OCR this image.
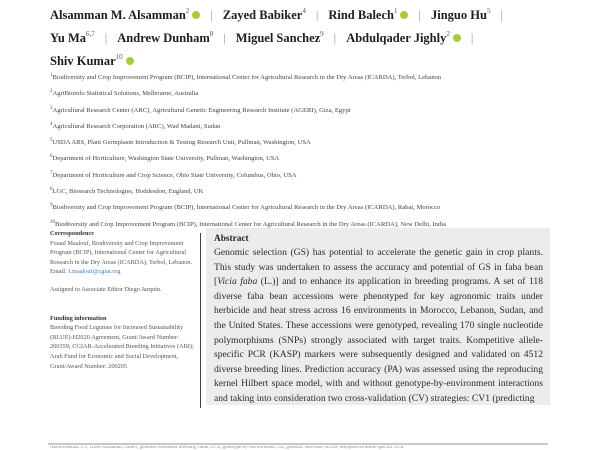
Alsamman M. Alsamman$^2$ | Zayed Babiker$^4$ | Rind Balech$^1$ | Jinguo Hu$^5$ |
Yu Ma$^{6,7}$ | Andrew Dunham$^8$ | Miguel Sanchez$^9$ | Abdulqader Jighly$^2$ |
Shiv Kumar$^{10}$
$^1$Biodiversity and Crop Improvement Program (BCIP), International Center for Agricultural Research in the Dry Areas (ICARDA), Terbol, Lebanon
$^2$AgriBioinfo Statistical Solutions, Melbourne, Australia
$^3$Agricultural Research Center (ARC), Agricultural Genetic Engineering Research Institute (AGERI), Giza, Egypt
$^4$Agricultural Research Corporation (ARC), Wad Madani, Sudan
$^5$USDA ARS, Plant Germplasm Introduction & Testing Research Unit, Pullman, Washington, USA
$^6$Department of Horticulture, Washington State University, Pullman, Washington, USA
$^7$Department of Horticulture and Crop Science, Ohio State University, Columbus, Ohio, USA
$^8$LGC, Biosearch Technologies, Hoddesdon, England, UK
$^9$Biodiversity and Crop Improvement Program (BCIP), International Center for Agricultural Research in the Dry Areas (ICARDA), Rabat, Morocco
$^{10}$Biodiversity and Crop Improvement Program (BCIP), International Center for Agricultural Research in the Dry Areas (ICARDA), New Delhi, India
Correspondence

Fouad Maalouf, Biodiversity and Crop Improvement Program (BCIP), International Center for Agricultural Research in the Dry Areas (ICARDA), Terbol, Lebanon.

Email: f.maalouf@cgiar.org

Assigned to Associate Editor Diego Jarquin.

Funding information

Breeding Food Legumes for Increased Sustainability (BLUE)-H2020 Agreement, Grant/Award Number: 200359; CGIAR-Accelerated Breeding Initiatives (ABI); Arab Fund for Economic and Social Development, Grant/Award Number: 200205

Abstract

Genomic selection (GS) has potential to accelerate the genetic gain in crop plants. This study was undertaken to assess the accuracy and potential of GS in faba bean [Vicia faba (L.)] and to enhance its application in breeding programs. A set of 118 diverse faba bean accessions were phenotyped for key agronomic traits under herbicide and heat stress across 16 environments in Morocco, Lebanon, Sudan, and the United States. These accessions were genotyped, revealing 170 single nucleotide polymorphisms (SNPs) strongly associated with target traits. Kompetitive allele-specific PCR (KASP) markers were subsequently designed and validated on 4512 diverse breeding lines. Prediction accuracy (PA) was assessed using the reproducing kernel Hilbert space model, with and without genotype-by-environment interactions and taking into consideration two cross-validation (CV) strategies: CV1 (predicting

Abbreviations: CV, cross-validation; GEBV, genomic estimated breeding value; G×E, genotype-by-environment; GS, genomic selection; KASP, kompetitive allele-specific PCR
